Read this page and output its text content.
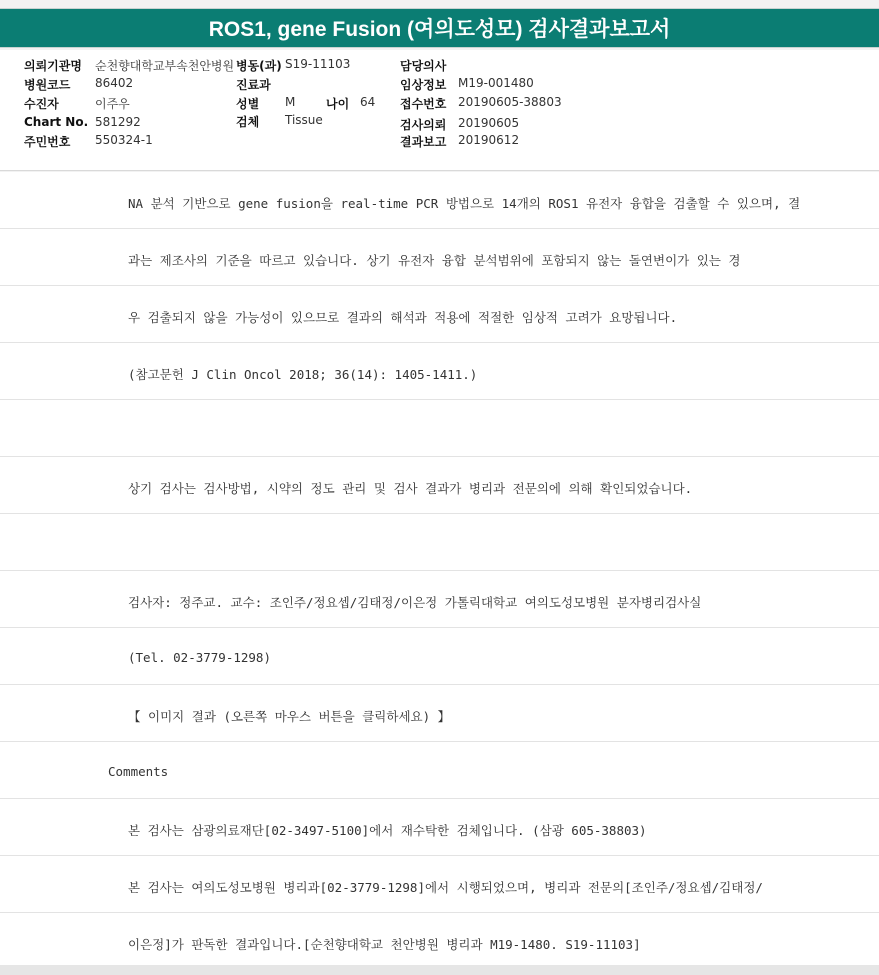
ROS1, gene Fusion (여의도성모) 검사결과보고서
의뢰기관명 순천향대학교부속천안병원 병동(과) S19-11103	담당의사
병원코드 86402	진료과	임상정보 M19-001480
수진자	이주우	성별 M	나이 64 접수번호 20190605-38803
Chart No. 581292	검체 Tissue	검사의뢰 20190605
주민번호 550324-1	결과보고 20190612
NA 분석 기반으로 gene fusion을 real-time PCR 방법으로 14개의 ROS1 유전자 융합을 검출할 수 있으며, 결
과는 제조사의 기준을 따르고 있습니다. 상기 유전자 융합 분석범위에 포함되지 않는 돌연변이가 있는 경
우 검출되지 않을 가능성이 있으므로 결과의 해석과 적용에 적절한 임상적 고려가 요망됩니다.
(참고문헌 J Clin Oncol 2018; 36(14): 1405-1411.)
상기 검사는 검사방법, 시약의 정도 관리 및 검사 결과가 병리과 전문의에 의해 확인되었습니다.
검사자: 정주교. 교수: 조인주/정요셉/김태정/이은정 가톨릭대학교 여의도성모병원 분자병리검사실
(Tel. 02-3779-1298)
【 이미지 결과 (오른쪽 마우스 버튼을 클릭하세요) 】
Comments
본 검사는 삼광의료재단[02-3497-5100]에서 재수탁한 검체입니다. (삼광 605-38803)
본 검사는 여의도성모병원 병리과[02-3779-1298]에서 시행되었으며, 병리과 전문의[조인주/정요셉/김태정/
이은정]가 판독한 결과입니다.[순천향대학교 천안병원 병리과 M19-1480. S19-11103]
